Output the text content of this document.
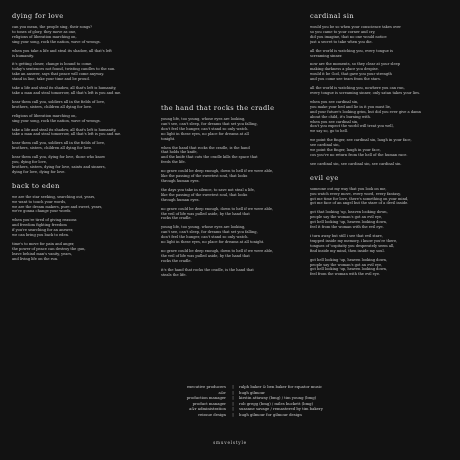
dying for love
can you mean, the people sing, their songs?
to tones of glory, they move as one,
religions of liberation marching on,
sing your song, rock the nation, wave of wrongs.
when you take a life and steal its shadow, all that's left
is humanity.
it's getting closer, change is bound to come.
today's sentences not found, twisting candles to the sun.
take an answer, says that peace will come anyway.
stand in line, take your time and be proud.
take a life and steal its shadow, all that's left is humanity,
take a man and steal tomorrow, all that's left is you and me.
hear them call you, soldiers all in the fields of love,
brothers, sisters, children all dying for love.
religions of liberation marching on,
sing your song, rock the nation, wave of wrongs.
take a life and steal its shadow, all that's left is humanity,
take a man and steal tomorrow, all that's left is you and me.
hear them call you, soldiers all in the fields of love,
brothers, sisters, children all dying for love.
hear them call you, dying for love, those who know
you, dying for love,
brothers, sisters, dying for love, saints and sinners,
dying for love, dying for love.
back to eden
we are the star seeking, searching out, years,
we want to touch your words,
we are the dream makers, pure and sweet, years,
we're gonna change your words.
when you're tired of giving reasons
and freedom fighting freedom
if you're searching for an answer,
we can bring you back to eden.
time's to move for pain and anger,
the power of peace can destroy the gun,
leave behind man's vanity, years,
and living life on the run.
the hand that rocks the cradle
young life, too young, whose eyes are looking,
can't see, can't sleep, for dreams that set you falling,
don't feel the hunger, can't stand so only watch.
no light in these eyes, no place for dreams at all
tonight.
when the hand that rocks the cradle, is the hand
that holds the knife,
and the knife that cuts the cradle kills the space that
feeds the life.
no grave could be deep enough, down to hell if we were able,
like the passing of the sweetest soul, that looks
through human eyes.
the days you take in silence, to save not steal a life,
like the passing of the sweetest soul, that looks
through human eyes.
no grave could be deep enough, down to hell if we were able,
the veil of life was pulled aside, by the hand that
rocks the cradle.
young life, too young, whose eyes are looking,
can't see, can't sleep, for dreams that set you falling,
don't feel the hunger, can't stand so only watch.
no light in these eyes, no place for dreams at all tonight.
no grave could be deep enough, down to hell if we were able,
the veil of life was pulled aside, by the hand that
rocks the cradle.
it's the hand that rocks the cradle, is the hand that
steals the life.
cardinal sin
would you be so when your conscience takes over
so you came to your corner and cry,
did you imagine, that no one would notice
just a secret to take when you die.
all the world is watching you, every tongue is
screaming sinner.
now are the moments, so they clear at your sleep
making darkness a place you despise.
would it be God, that gave you your strength
and you come see tears from the stars.
all the world is watching you, nowhere you can run,
every tongue is screaming sinner, only satan takes your lies.
when you see cardinal sin,
you make your bed and lie in it you must lie,
and your future's looking grim, but did you ever give a damn
about the child, it's burning with.
when you see cardinal sin,
don't you expect the world will treat you well,
we say so, go to hell.
we point the finger, see cardinal sin, laugh in your face,
see cardinal sin,
we point the finger, laugh in your face,
cos you've no return from the hell of the human race.
see cardinal sin, see cardinal sin, see cardinal sin.
evil eye
someone out my way that you look on me,
you watch every move, every word, every fantasy,
got me time for love, there's something on your mind,
got me face of an angel but the stare of a devil inside.
got that looking 'up, heaven looking down,
people say the woman's got an evil eye,
got hell looking 'up, heaven looking down,
feel it from the woman with the evil eye.
i turn away but still i see that evil stare,
trapped inside my memory, i know you're there,
tongues of 'ospitaity you desperately seem all,
find inside my mind, then inside my soul.
got hell looking 'up, heaven looking down,
people say the woman's got an evil eye,
got hell looking 'up, heaven looking down,
feel from the woman with the evil eye.
executive producers	|	ralph baker & ben baker for equator music
a&r	|	hugh gilmour
production manager	|	kirstin attaway (bmg) / tim young (bmg)
product manager	|	rob gregg (bmg) / miles huckett (bmg)
a&r administration	|	suzanne savage / remastered by tim bakery
reissue design	|	hugh gilmour for gilmour design
smuvelstyle
